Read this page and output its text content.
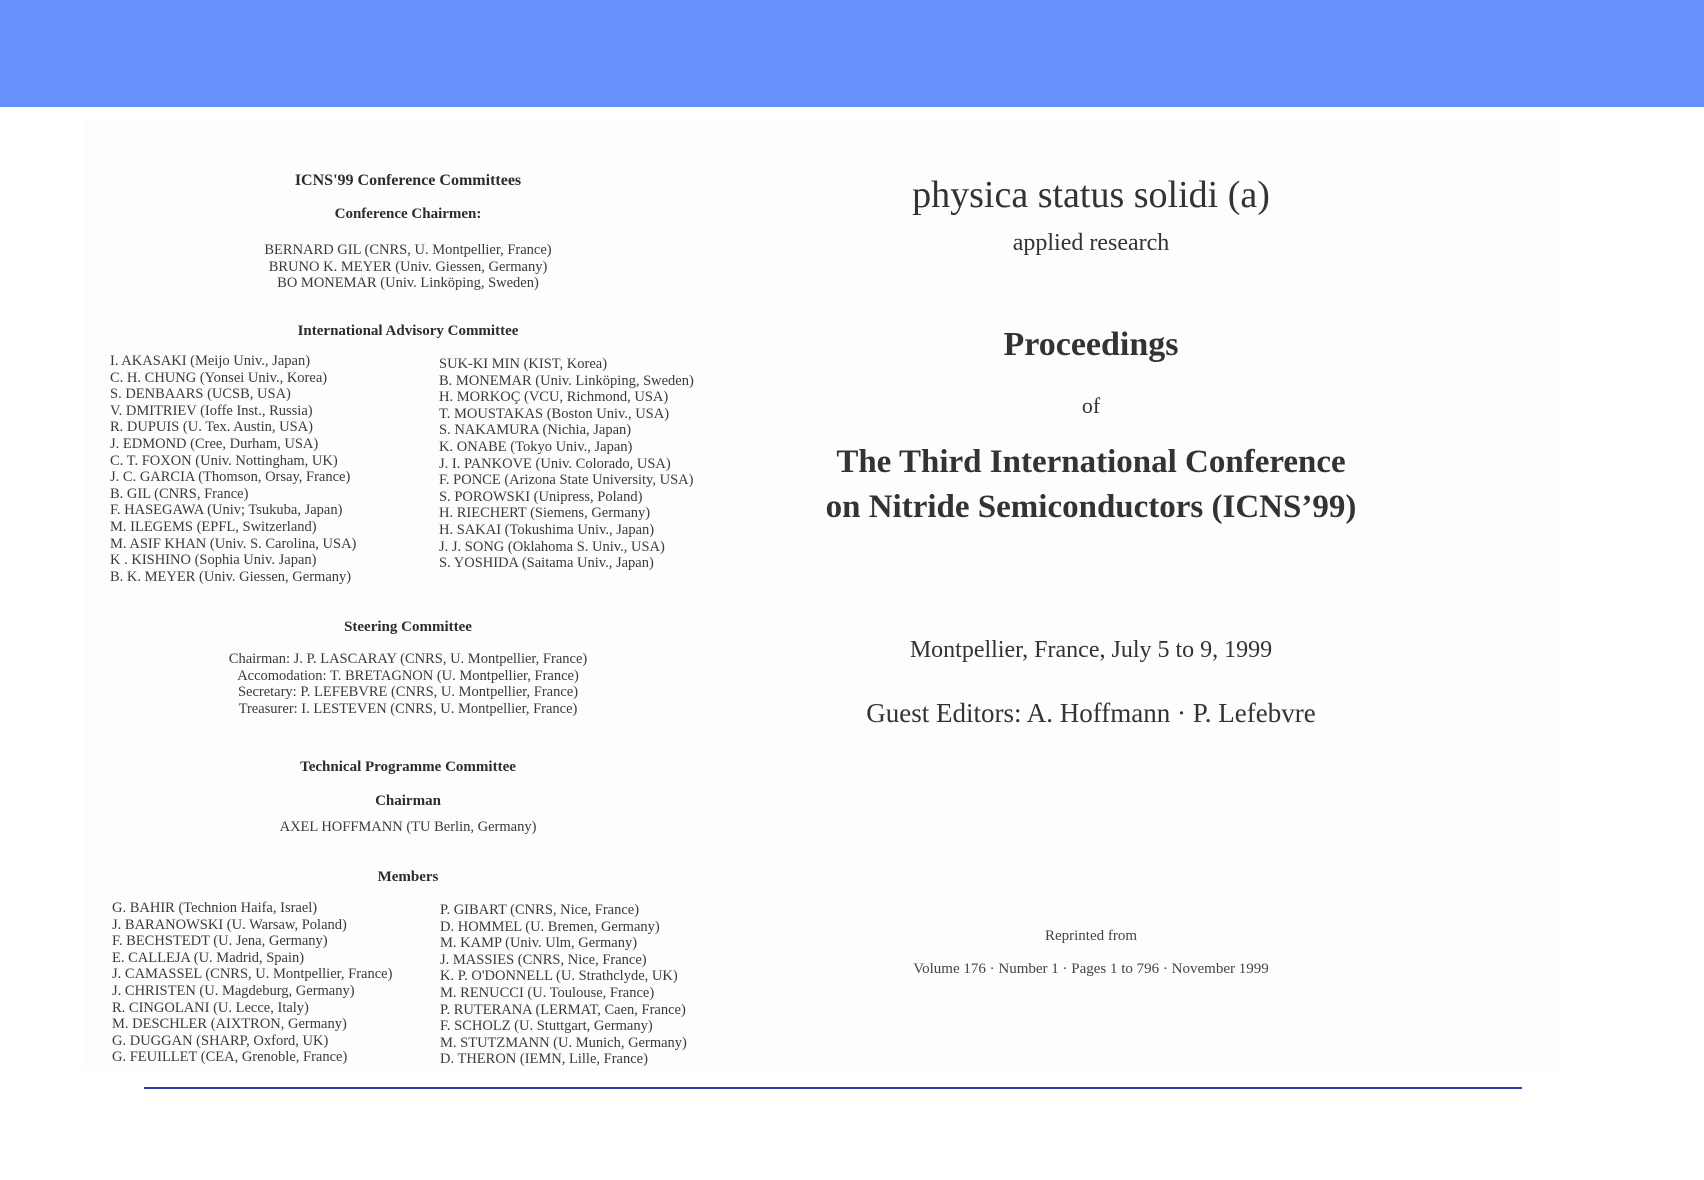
ICNS'99 Conference Committees
Conference Chairmen:
BERNARD GIL (CNRS, U. Montpellier, France)
BRUNO K. MEYER (Univ. Giessen, Germany)
BO MONEMAR (Univ. Linköping, Sweden)
International Advisory Committee
I. AKASAKI (Meijo Univ., Japan)
C. H. CHUNG (Yonsei Univ., Korea)
S. DENBAARS (UCSB, USA)
V. DMITRIEV (Ioffe Inst., Russia)
R. DUPUIS (U. Tex. Austin, USA)
J. EDMOND (Cree, Durham, USA)
C. T. FOXON (Univ. Nottingham, UK)
J. C. GARCIA (Thomson, Orsay, France)
B. GIL (CNRS, France)
F. HASEGAWA (Univ; Tsukuba, Japan)
M. ILEGEMS (EPFL, Switzerland)
M. ASIF KHAN (Univ. S. Carolina, USA)
K . KISHINO (Sophia Univ. Japan)
B. K. MEYER (Univ. Giessen, Germany)
SUK-KI MIN (KIST, Korea)
B. MONEMAR (Univ. Linköping, Sweden)
H. MORKOÇ (VCU, Richmond, USA)
T. MOUSTAKAS (Boston Univ., USA)
S. NAKAMURA (Nichia, Japan)
K. ONABE (Tokyo Univ., Japan)
J. I. PANKOVE (Univ. Colorado, USA)
F. PONCE (Arizona State University, USA)
S. POROWSKI (Unipress, Poland)
H. RIECHERT (Siemens, Germany)
H. SAKAI (Tokushima Univ., Japan)
J. J. SONG (Oklahoma S. Univ., USA)
S. YOSHIDA (Saitama Univ., Japan)
Steering Committee
Chairman: J. P. LASCARAY (CNRS, U. Montpellier, France)
Accomodation: T. BRETAGNON (U. Montpellier, France)
Secretary: P. LEFEBVRE (CNRS, U. Montpellier, France)
Treasurer: I. LESTEVEN (CNRS, U. Montpellier, France)
Technical Programme Committee
Chairman
AXEL HOFFMANN (TU Berlin, Germany)
Members
G. BAHIR (Technion Haifa, Israel)
J. BARANOWSKI (U. Warsaw, Poland)
F. BECHSTEDT (U. Jena, Germany)
E. CALLEJA (U. Madrid, Spain)
J. CAMASSEL (CNRS, U. Montpellier, France)
J. CHRISTEN (U. Magdeburg, Germany)
R. CINGOLANI (U. Lecce, Italy)
M. DESCHLER (AIXTRON, Germany)
G. DUGGAN (SHARP, Oxford, UK)
G. FEUILLET (CEA, Grenoble, France)
P. GIBART (CNRS, Nice, France)
D. HOMMEL (U. Bremen, Germany)
M. KAMP (Univ. Ulm, Germany)
J. MASSIES (CNRS, Nice, France)
K. P. O'DONNELL (U. Strathclyde, UK)
M. RENUCCI (U. Toulouse, France)
P. RUTERANA (LERMAT, Caen, France)
F. SCHOLZ (U. Stuttgart, Germany)
M. STUTZMANN (U. Munich, Germany)
D. THERON (IEMN, Lille, France)
physica status solidi (a)
applied research
Proceedings
of
The Third International Conference
on Nitride Semiconductors (ICNS’99)
Montpellier, France, July 5 to 9, 1999
Guest Editors: A. Hoffmann · P. Lefebvre
Reprinted from
Volume 176 · Number 1 · Pages 1 to 796 · November 1999
